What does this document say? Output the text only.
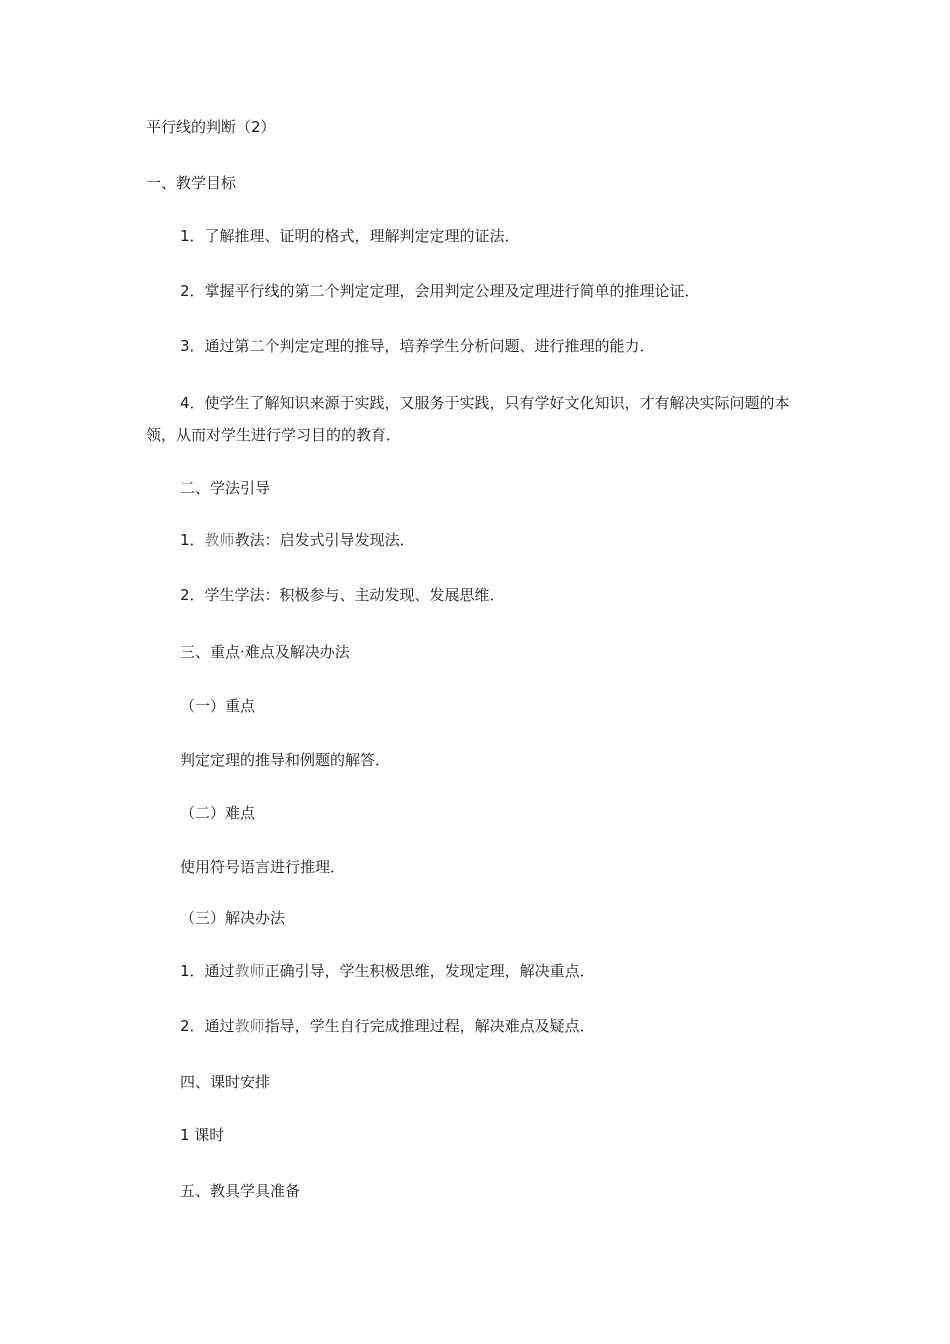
平行线的判断（2）
一、教学目标
1．了解推理、证明的格式，理解判定定理的证法．
2．掌握平行线的第二个判定定理，会用判定公理及定理进行简单的推理论证．
3．通过第二个判定定理的推导，培养学生分析问题、进行推理的能力．
4．使学生了解知识来源于实践，又服务于实践，只有学好文化知识，才有解决实际问题的本领，从而对学生进行学习目的的教育．
二、学法引导
1．教师教法：启发式引导发现法．
2．学生学法：积极参与、主动发现、发展思维．
三、重点·难点及解决办法
（一）重点
判定定理的推导和例题的解答．
（二）难点
使用符号语言进行推理．
（三）解决办法
1．通过教师正确引导，学生积极思维，发现定理，解决重点．
2．通过教师指导，学生自行完成推理过程，解决难点及疑点．
四、课时安排
1 课时
五、教具学具准备
